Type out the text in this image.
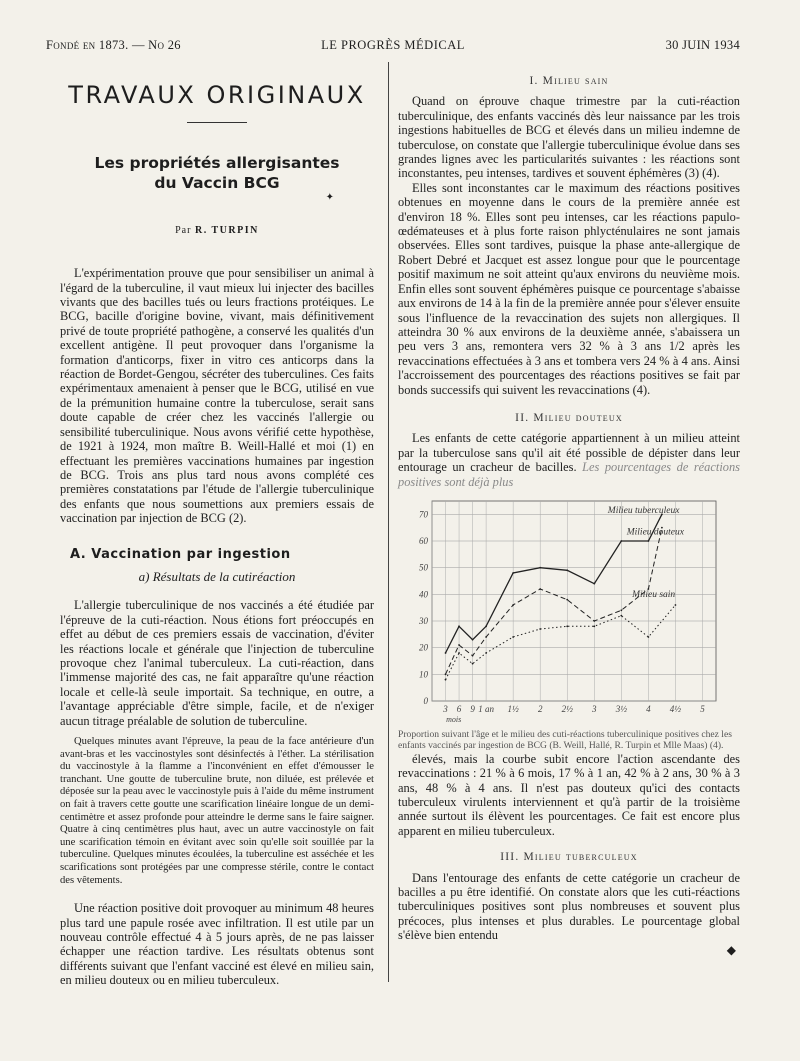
Fondé en 1873. — No 26	LE PROGRÈS MÉDICAL	30 JUIN 1934
TRAVAUX ORIGINAUX
Les propriétés allergisantes
du Vaccin BCG
✦
Par R. TURPIN

L'expérimentation prouve que pour sensibiliser un animal à l'égard de la tuberculine, il vaut mieux lui injecter des bacilles vivants que des bacilles tués ou leurs fractions protéiques. Le BCG, bacille d'origine bovine, vivant, mais définitivement privé de toute propriété pathogène, a conservé les qualités d'un excellent antigène. Il peut provoquer dans l'organisme la formation d'anticorps, fixer in vitro ces anticorps dans la réaction de Bordet-Gengou, sécréter des tuberculines. Ces faits expérimentaux amenaient à penser que le BCG, utilisé en vue de la prémunition humaine contre la tuberculose, serait sans doute capable de créer chez les vaccinés l'allergie ou sensibilité tuberculinique. Nous avons vérifié cette hypothèse, de 1921 à 1924, mon maître B. Weill-Hallé et moi (1) en effectuant les premières vaccinations humaines par ingestion de BCG. Trois ans plus tard nous avons complété ces premières constatations par l'étude de l'allergie tuberculinique des enfants que nous soumettions aux premiers essais de vaccination par injection de BCG (2).

A. Vaccination par ingestion
a) Résultats de la cutiréaction

L'allergie tuberculinique de nos vaccinés a été étudiée par l'épreuve de la cuti-réaction. Nous étions fort préoccupés en effet au début de ces premiers essais de vaccination, d'éviter les réactions locale et générale que l'injection de tuberculine provoque chez l'animal tuberculeux. La cuti-réaction, dans l'immense majorité des cas, ne fait apparaître qu'une réaction locale et celle-là seule importait. Sa technique, en outre, a l'avantage appréciable d'être simple, facile, et de n'exiger aucun titrage préalable de solution de tuberculine.

Quelques minutes avant l'épreuve, la peau de la face antérieure d'un avant-bras et les vaccinostyles sont désinfectés à l'éther. La stérilisation du vaccinostyle à la flamme a l'inconvénient en effet d'émousser le tranchant. Une goutte de tuberculine brute, non diluée, est prélevée et déposée sur la peau avec le vaccinostyle puis à l'aide du même instrument on fait à travers cette goutte une scarification linéaire longue de un demi-centimètre et assez profonde pour atteindre le derme sans le faire saigner. Quatre à cinq centimètres plus haut, avec un autre vaccinostyle on fait une scarification témoin en évitant avec soin qu'elle soit souillée par la tuberculine. Quelques minutes écoulées, la tuberculine est asséchée et les scarifications sont protégées par une compresse stérile, contre le contact des vêtements.

Une réaction positive doit provoquer au minimum 48 heures plus tard une papule rosée avec infiltration. Il est utile par un nouveau contrôle effectué 4 à 5 jours après, de ne pas laisser échapper une réaction tardive. Les résultats obtenus sont différents suivant que l'enfant vacciné est élevé en milieu sain, en milieu douteux ou en milieu tuberculeux.

I. Milieu sain

Quand on éprouve chaque trimestre par la cuti-réaction tuberculinique, des enfants vaccinés dès leur naissance par les trois ingestions habituelles de BCG et élevés dans un milieu indemne de tuberculose, on constate que l'allergie tuberculinique évolue dans ses grandes lignes avec les particularités suivantes : les réactions sont inconstantes, peu intenses, tardives et souvent éphémères (3) (4).

Elles sont inconstantes car le maximum des réactions positives obtenues en moyenne dans le cours de la première année est d'environ 18 %. Elles sont peu intenses, car les réactions papulo-œdémateuses et à plus forte raison phlycténulaires ne sont jamais observées. Elles sont tardives, puisque la phase ante-allergique de Robert Debré et Jacquet est assez longue pour que le pourcentage positif maximum ne soit atteint qu'aux environs du neuvième mois. Enfin elles sont souvent éphémères puisque ce pourcentage s'abaisse aux environs de 14 à la fin de la première année pour s'élever ensuite sous l'influence de la revaccination des sujets non allergiques. Il atteindra 30 % aux environs de la deuxième année, s'abaissera un peu vers 3 ans, remontera vers 32 % à 3 ans 1/2 après les revaccinations effectuées à 3 ans et tombera vers 24 % à 4 ans. Ainsi l'accroissement des pourcentages des réactions positives se fait par bonds successifs qui suivent les revaccinations (4).

II. Milieu douteux

Les enfants de cette catégorie appartiennent à un milieu atteint par la tuberculose sans qu'il ait été possible de dépister dans leur entourage un cracheur de bacilles. Les pourcentages de réactions positives sont déjà plus

0
10
20
30
40
50
60
70
3 6 9 1 an 1½ 2 2½ 3 3½ 4 4½ 5
mois
Milieu tuberculeux
Milieu douteux
Milieu sain

Proportion suivant l'âge et le milieu des cuti-réactions tuberculinique positives chez les enfants vaccinés par ingestion de BCG (B. Weill, Hallé, R. Turpin et Mlle Maas) (4).

élevés, mais la courbe subit encore l'action ascendante des revaccinations : 21 % à 6 mois, 17 % à 1 an, 42 % à 2 ans, 30 % à 3 ans, 48 % à 4 ans. Il n'est pas douteux qu'ici des contacts tuberculeux virulents interviennent et qu'à partir de la troisième année surtout ils élèvent les pourcentages. Ce fait est encore plus apparent en milieu tuberculeux.

III. Milieu tuberculeux

Dans l'entourage des enfants de cette catégorie un cracheur de bacilles a pu être identifié. On constate alors que les cuti-réactions tuberculiniques positives sont plus nombreuses et souvent plus précoces, plus intenses et plus durables. Le pourcentage global s'élève bien entendu

◆
